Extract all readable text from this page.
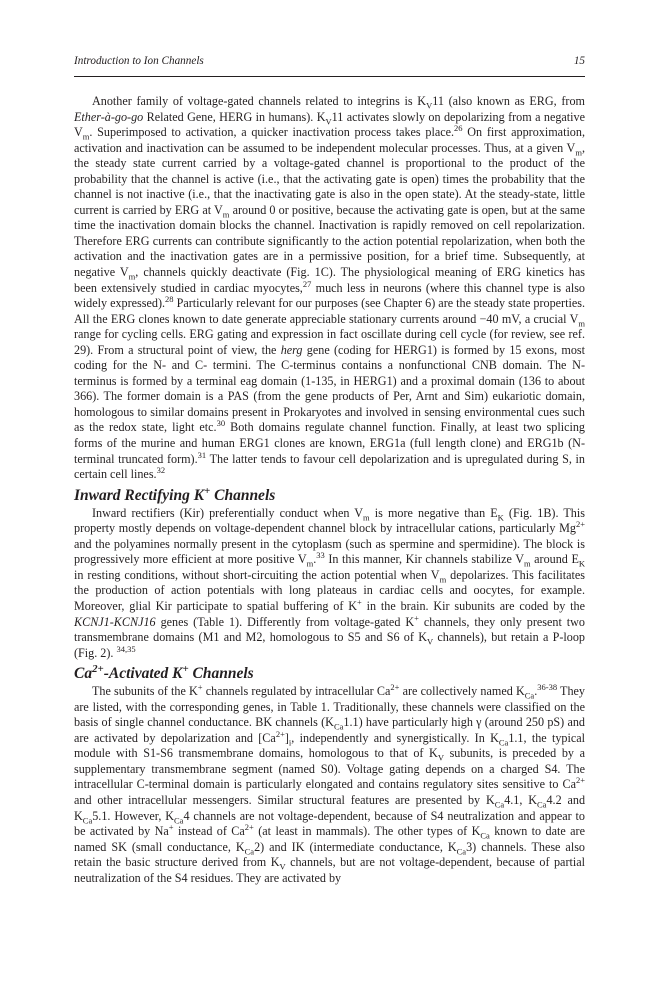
Introduction to Ion Channels	15

Another family of voltage-gated channels related to integrins is $K_V11$ (also known as ERG, from Ether-à-go-go Related Gene, HERG in humans). $K_V11$ activates slowly on depolarizing from a negative $V_m$. Superimposed to activation, a quicker inactivation process takes place.$^{26}$ On first approximation, activation and inactivation can be assumed to be independent molecular processes. Thus, at a given $V_m$, the steady state current carried by a voltage-gated channel is proportional to the product of the probability that the channel is active (i.e., that the activating gate is open) times the probability that the channel is not inactive (i.e., that the inactivating gate is also in the open state). At the steady-state, little current is carried by ERG at $V_m$ around 0 or positive, because the activating gate is open, but at the same time the inactivation domain blocks the channel. Inactivation is rapidly removed on cell repolarization. Therefore ERG currents can contribute significantly to the action potential repolarization, when both the activation and the inactivation gates are in a permissive position, for a brief time. Subsequently, at negative $V_m$, channels quickly deactivate (Fig. 1C). The physiological meaning of ERG kinetics has been extensively studied in cardiac myocytes,$^{27}$ much less in neurons (where this channel type is also widely expressed).$^{28}$ Particularly relevant for our purposes (see Chapter 6) are the steady state properties. All the ERG clones known to date generate appreciable stationary currents around −40 mV, a crucial $V_m$ range for cycling cells. ERG gating and expression in fact oscillate during cell cycle (for review, see ref. 29). From a structural point of view, the herg gene (coding for HERG1) is formed by 15 exons, most coding for the N- and C- termini. The C-terminus contains a nonfunctional CNB domain. The N-terminus is formed by a terminal eag domain (1-135, in HERG1) and a proximal domain (136 to about 366). The former domain is a PAS (from the gene products of Per, Arnt and Sim) eukariotic domain, homologous to similar domains present in Prokaryotes and involved in sensing environmental cues such as the redox state, light etc.$^{30}$ Both domains regulate channel function. Finally, at least two splicing forms of the murine and human ERG1 clones are known, ERG1a (full length clone) and ERG1b (N-terminal truncated form).$^{31}$ The latter tends to favour cell depolarization and is upregulated during S, in certain cell lines.$^{32}$

Inward Rectifying K+ Channels

Inward rectifiers (Kir) preferentially conduct when $V_m$ is more negative than $E_K$ (Fig. 1B). This property mostly depends on voltage-dependent channel block by intracellular cations, particularly $Mg^{2+}$ and the polyamines normally present in the cytoplasm (such as spermine and spermidine). The block is progressively more efficient at more positive $V_m.^{33}$ In this manner, Kir channels stabilize $V_m$ around $E_K$ in resting conditions, without short-circuiting the action potential when $V_m$ depolarizes. This facilitates the production of action potentials with long plateaus in cardiac cells and oocytes, for example. Moreover, glial Kir participate to spatial buffering of K+ in the brain. Kir subunits are coded by the KCNJ1-KCNJ16 genes (Table 1). Differently from voltage-gated K+ channels, they only present two transmembrane domains (M1 and M2, homologous to S5 and S6 of $K_V$ channels), but retain a P-loop (Fig. 2). $^{34,35}$

$Ca^{2+}$-Activated K+ Channels

The subunits of the K+ channels regulated by intracellular $Ca^{2+}$ are collectively named $K_{Ca}.^{36-38}$ They are listed, with the corresponding genes, in Table 1. Traditionally, these channels were classified on the basis of single channel conductance. BK channels $(K_{Ca}1.1)$ have particularly high γ (around 250 pS) and are activated by depolarization and $[Ca^{2+}]_i$, independently and synergistically. In $K_{Ca}1.1$, the typical module with S1-S6 transmembrane domains, homologous to that of $K_V$ subunits, is preceded by a supplementary transmembrane segment (named S0). Voltage gating depends on a charged S4. The intracellular C-terminal domain is particularly elongated and contains regulatory sites sensitive to $Ca^{2+}$ and other intracellular messengers. Similar structural features are presented by $K_{Ca}4.1$, $K_{Ca}4.2$ and $K_{Ca}5.1$. However, $K_{Ca}4$ channels are not voltage-dependent, because of S4 neutralization and appear to be activated by Na+ instead of $Ca^{2+}$ (at least in mammals). The other types of $K_{Ca}$ known to date are named SK (small conductance, $K_{Ca}2$) and IK (intermediate conductance, $K_{Ca}3$) channels. These also retain the basic structure derived from $K_V$ channels, but are not voltage-dependent, because of partial neutralization of the S4 residues. They are activated by
